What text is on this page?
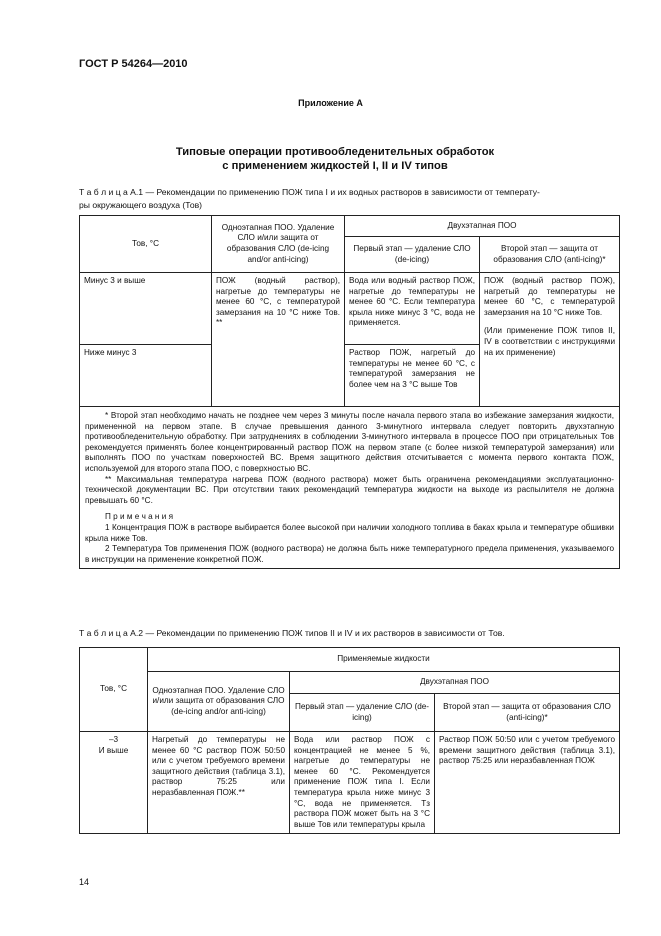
ГОСТ Р 54264—2010
Приложение А
Типовые операции противообледенительных обработок
с применением жидкостей I, II и IV типов
Т а б л и ц а А.1 — Рекомендации по применению ПОЖ типа I и их водных растворов в зависимости от температу-
ры окружающего воздуха (Тов)
Тов, °С	Одноэтапная ПОО. Удаление СЛО и/или защита от образования СЛО (de-icing and/or anti-icing)	Двухэтапная ПОО	
		Первый этап — удаление СЛО (de-icing)	Второй этап — защита от образования СЛО (anti-icing)*
Минус 3 и выше	ПОЖ (водный раствор), нагретые до температуры не менее 60 °С, с температурой замерзания на 10 °С ниже Тов. **	Вода или водный раствор ПОЖ, нагретые до температуры не менее 60 °С. Если температура крыла ниже минус 3 °С, вода не применяется.	ПОЖ (водный раствор ПОЖ), нагретый до температуры не менее 60 °С, с температурой замерзания на 10 °С ниже Тов.
(Или применение ПОЖ типов II, IV в соответствии с инструкциями на их применение)

Ниже минус 3		Раствор ПОЖ, нагретый до температуры не менее 60 °С, с температурой замерзания не более чем на 3 °С выше Тов	

* Второй этап необходимо начать не позднее чем через 3 минуты после начала первого этапа во избежание замерзания жидкости, примененной на первом этапе. В случае превышения данного 3-минутного интервала следует повторить двухэтапную противообледенительную обработку. При затруднениях в соблюдении 3-минутного интервала в процессе ПОО при отрицательных Тов рекомендуется применять более концентрированный раствор ПОЖ на первом этапе (с более низкой температурой замерзания) или выполнять ПОО по участкам поверхностей ВС. Время защитного действия отсчитывается с момента первого контакта ПОЖ, используемой для второго этапа ПОО, с поверхностью ВС.

** Максимальная температура нагрева ПОЖ (водного раствора) может быть ограничена рекомендациями эксплуатационно-технической документации ВС. При отсутствии таких рекомендаций температура жидкости на выходе из распылителя не должна превышать 60 °С.

П р и м е ч а н и я

1 Концентрация ПОЖ в растворе выбирается более высокой при наличии холодного топлива в баках крыла и температуре обшивки крыла ниже Тов.

2 Температура Тов применения ПОЖ (водного раствора) не должна быть ниже температурного предела применения, указываемого в инструкции на применение конкретной ПОЖ.			

Т а б л и ц а А.2 — Рекомендации по применению ПОЖ типов II и IV и их растворов в зависимости от Тов.
Тов, °С	Применяемые жидкости		
	Одноэтапная ПОО. Удаление СЛО и/или защита от образования СЛО (de-icing and/or anti-icing)	Двухэтапная ПОО	
		Первый этап — удаление СЛО (de-icing)	Второй этап — защита от образования СЛО (anti-icing)*

–3
И выше	Нагретый до температуры не менее 60 °С раствор ПОЖ 50:50 или с учетом требуемого времени защитного действия (таблица 3.1), раствор 75:25 или неразбавленная ПОЖ.**	Вода или раствор ПОЖ с концентрацией не менее 5 %, нагретые до температуры не менее 60 °С. Рекомендуется применение ПОЖ типа I. Если температура крыла ниже минус 3 °С, вода не применяется. Тз раствора ПОЖ может быть на 3 °С выше Тов или температуры крыла	Раствор ПОЖ 50:50 или с учетом требуемого времени защитного действия (таблица 3.1), раствор 75:25 или неразбавленная ПОЖ
14
